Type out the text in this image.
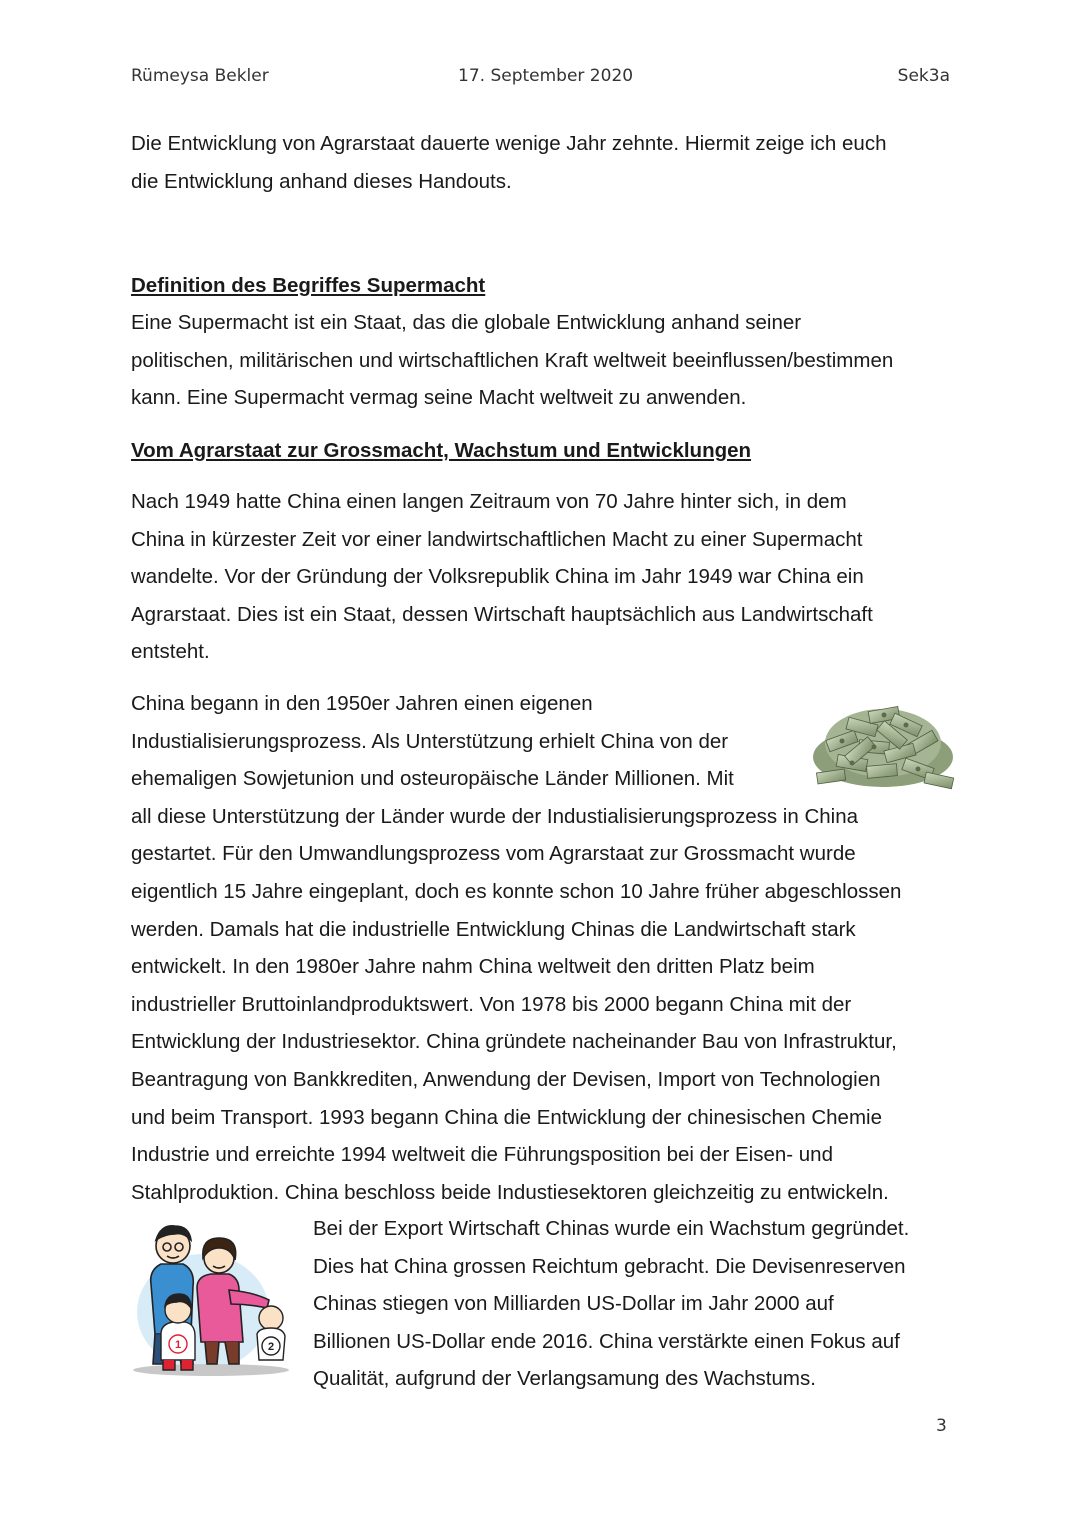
Rümeysa Bekler	17. September 2020	Sek3a
Die Entwicklung von Agrarstaat dauerte wenige Jahr zehnte. Hiermit zeige ich euch
die Entwicklung anhand dieses Handouts.
Definition des Begriffes Supermacht
Eine Supermacht ist ein Staat, das die globale Entwicklung anhand seiner
politischen, militärischen und wirtschaftlichen Kraft weltweit beeinflussen/bestimmen
kann. Eine Supermacht vermag seine Macht weltweit zu anwenden.
Vom Agrarstaat zur Grossmacht, Wachstum und Entwicklungen
Nach 1949 hatte China einen langen Zeitraum von 70 Jahre hinter sich, in dem
China in kürzester Zeit vor einer landwirtschaftlichen Macht zu einer Supermacht
wandelte. Vor der Gründung der Volksrepublik China im Jahr 1949 war China ein
Agrarstaat. Dies ist ein Staat, dessen Wirtschaft hauptsächlich aus Landwirtschaft
entsteht.
China begann in den 1950er Jahren einen eigenen
Industialisierungsprozess. Als Unterstützung erhielt China von der
ehemaligen Sowjetunion und osteuropäische Länder Millionen. Mit
all diese Unterstützung der Länder wurde der Industialisierungsprozess in China
gestartet. Für den Umwandlungsprozess vom Agrarstaat zur Grossmacht wurde
eigentlich 15 Jahre eingeplant, doch es konnte schon 10 Jahre früher abgeschlossen
werden. Damals hat die industrielle Entwicklung Chinas die Landwirtschaft stark
entwickelt. In den 1980er Jahre nahm China weltweit den dritten Platz beim
industrieller Bruttoinlandproduktswert. Von 1978 bis 2000 begann China mit der
Entwicklung der Industriesektor. China gründete nacheinander Bau von Infrastruktur,
Beantragung von Bankkrediten, Anwendung der Devisen, Import von Technologien
und beim Transport. 1993 begann China die Entwicklung der chinesischen Chemie
Industrie und erreichte 1994 weltweit die Führungsposition bei der Eisen- und
Stahlproduktion. China beschloss beide Industiesektoren gleichzeitig zu entwickeln.
1	2
Bei der Export Wirtschaft Chinas wurde ein Wachstum gegründet.
Dies hat China grossen Reichtum gebracht. Die Devisenreserven
Chinas stiegen von Milliarden US-Dollar im Jahr 2000 auf
Billionen US-Dollar ende 2016. China verstärkte einen Fokus auf
Qualität, aufgrund der Verlangsamung des Wachstums.
3
